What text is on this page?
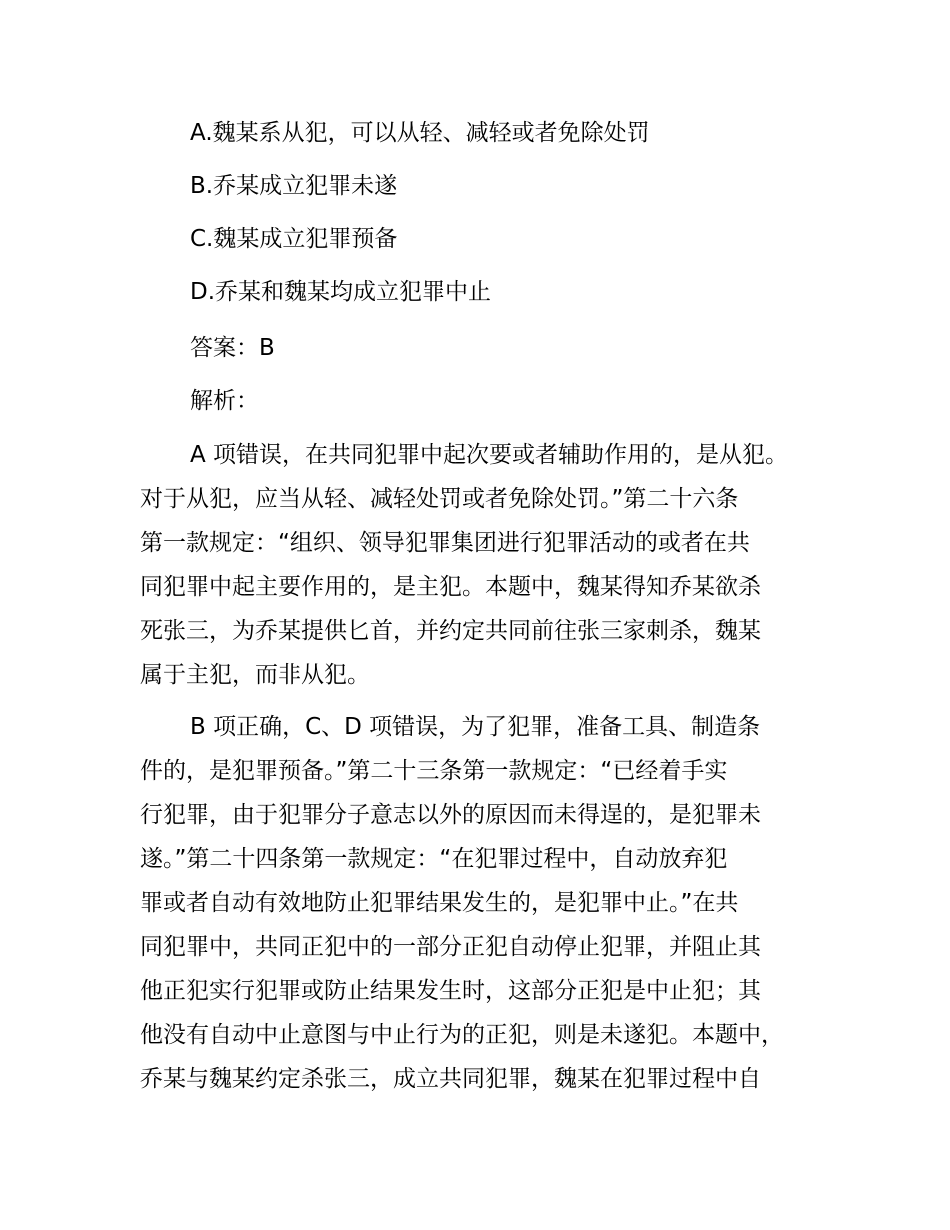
A.魏某系从犯，可以从轻、减轻或者免除处罚
B.乔某成立犯罪未遂
C.魏某成立犯罪预备
D.乔某和魏某均成立犯罪中止
答案：B
解析：
A 项错误，在共同犯罪中起次要或者辅助作用的，是从犯。
对于从犯，应当从轻、减轻处罚或者免除处罚。”第二十六条
第一款规定：“组织、领导犯罪集团进行犯罪活动的或者在共
同犯罪中起主要作用的，是主犯。本题中，魏某得知乔某欲杀
死张三，为乔某提供匕首，并约定共同前往张三家刺杀，魏某
属于主犯，而非从犯。
B 项正确，C、D 项错误，为了犯罪，准备工具、制造条
件的，是犯罪预备。”第二十三条第一款规定：“已经着手实
行犯罪，由于犯罪分子意志以外的原因而未得逞的，是犯罪未
遂。”第二十四条第一款规定：“在犯罪过程中，自动放弃犯
罪或者自动有效地防止犯罪结果发生的，是犯罪中止。”在共
同犯罪中，共同正犯中的一部分正犯自动停止犯罪，并阻止其
他正犯实行犯罪或防止结果发生时，这部分正犯是中止犯；其
他没有自动中止意图与中止行为的正犯，则是未遂犯。本题中，
乔某与魏某约定杀张三，成立共同犯罪，魏某在犯罪过程中自
